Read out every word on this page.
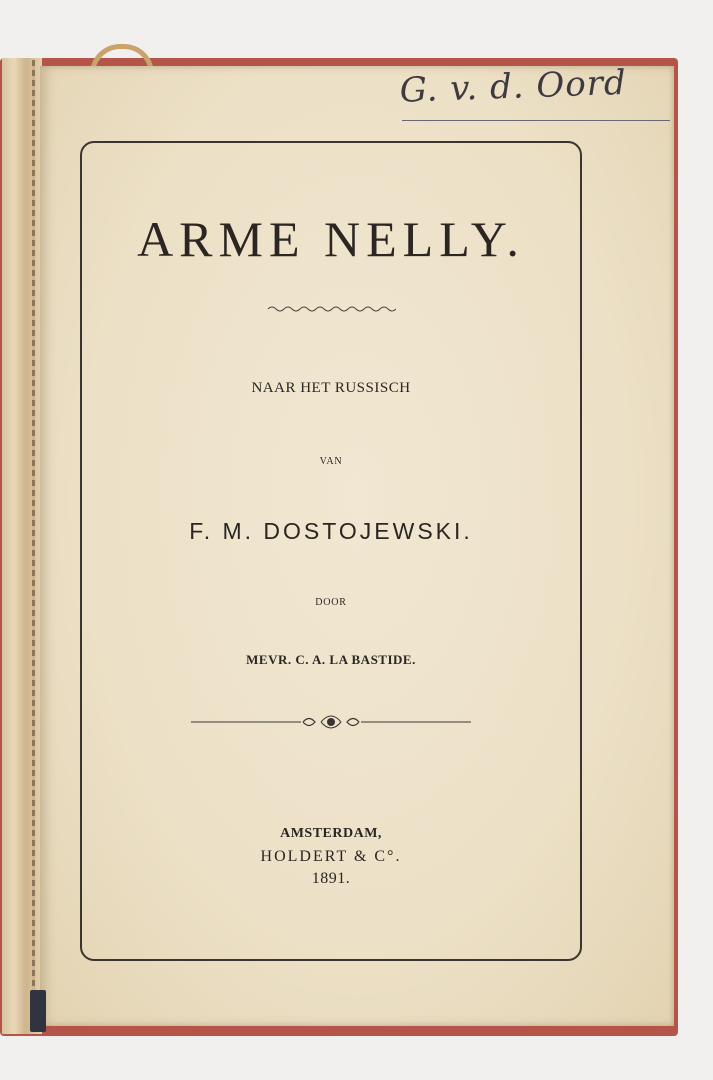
G. v. d. Oord
ARME NELLY.
NAAR HET RUSSISCH
VAN
F. M. DOSTOJEWSKI.
DOOR
MEVR. C. A. LA BASTIDE.
AMSTERDAM,
HOLDERT & C°.
1891.
